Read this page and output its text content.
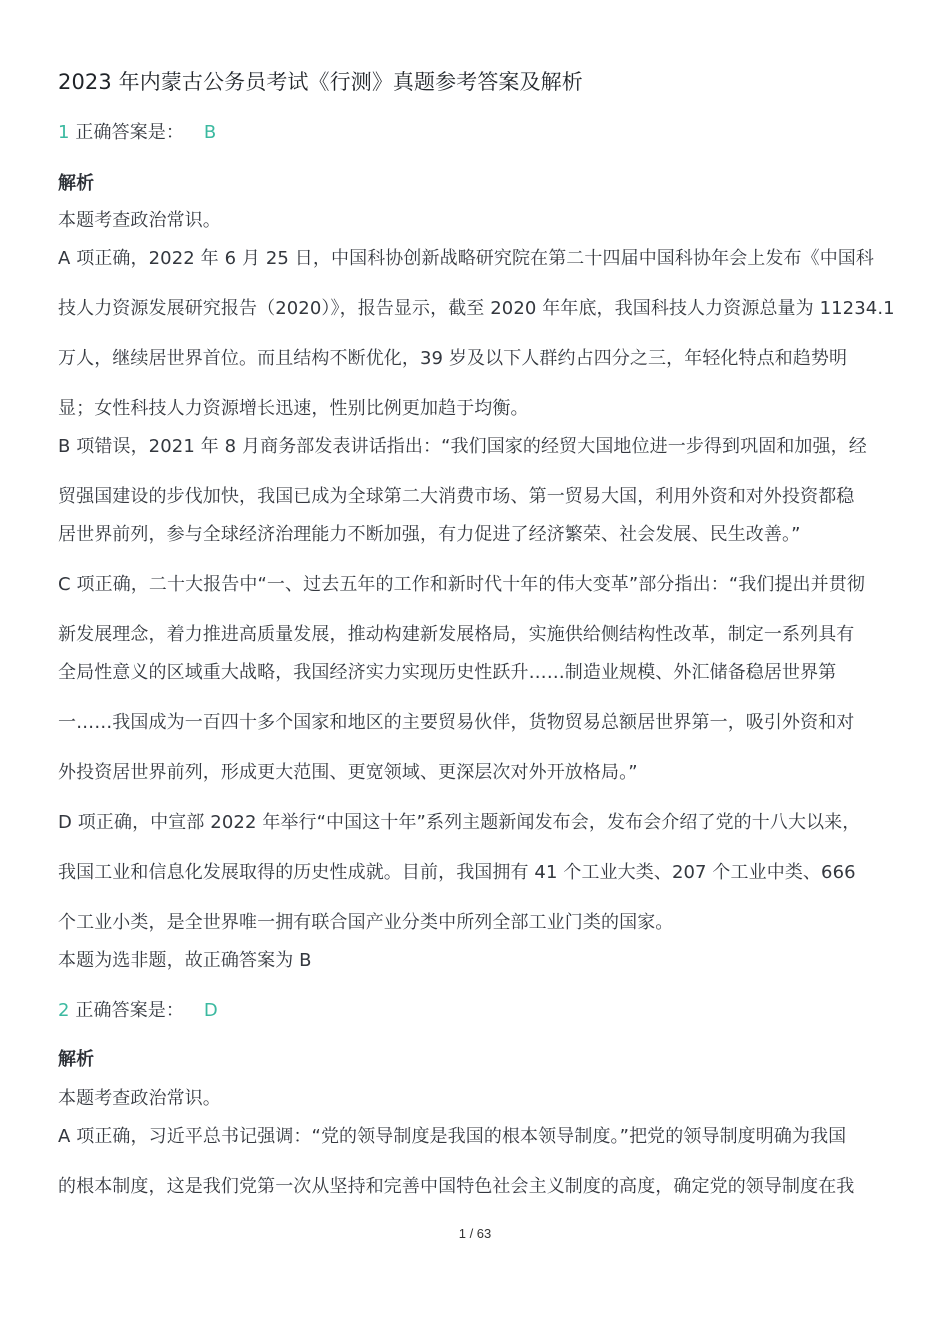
2023 年内蒙古公务员考试《行测》真题参考答案及解析
1 正确答案是： B
解析
本题考查政治常识。
A 项正确，2022 年 6 月 25 日，中国科协创新战略研究院在第二十四届中国科协年会上发布《中国科
技人力资源发展研究报告（2020）》，报告显示，截至 2020 年年底，我国科技人力资源总量为 11234.1
万人，继续居世界首位。而且结构不断优化，39 岁及以下人群约占四分之三，年轻化特点和趋势明
显；女性科技人力资源增长迅速，性别比例更加趋于均衡。
B 项错误，2021 年 8 月商务部发表讲话指出：“我们国家的经贸大国地位进一步得到巩固和加强，经
贸强国建设的步伐加快，我国已成为全球第二大消费市场、第一贸易大国，利用外资和对外投资都稳
居世界前列，参与全球经济治理能力不断加强，有力促进了经济繁荣、社会发展、民生改善。”
C 项正确，二十大报告中“一、过去五年的工作和新时代十年的伟大变革”部分指出：“我们提出并贯彻
新发展理念，着力推进高质量发展，推动构建新发展格局，实施供给侧结构性改革，制定一系列具有
全局性意义的区域重大战略，我国经济实力实现历史性跃升……制造业规模、外汇储备稳居世界第
一……我国成为一百四十多个国家和地区的主要贸易伙伴，货物贸易总额居世界第一，吸引外资和对
外投资居世界前列，形成更大范围、更宽领域、更深层次对外开放格局。”
D 项正确，中宣部 2022 年举行“中国这十年”系列主题新闻发布会，发布会介绍了党的十八大以来，
我国工业和信息化发展取得的历史性成就。目前，我国拥有 41 个工业大类、207 个工业中类、666
个工业小类，是全世界唯一拥有联合国产业分类中所列全部工业门类的国家。
本题为选非题，故正确答案为 B
2 正确答案是： D
解析
本题考查政治常识。
A 项正确，习近平总书记强调：“党的领导制度是我国的根本领导制度。”把党的领导制度明确为我国
的根本制度，这是我们党第一次从坚持和完善中国特色社会主义制度的高度，确定党的领导制度在我
1 / 63
